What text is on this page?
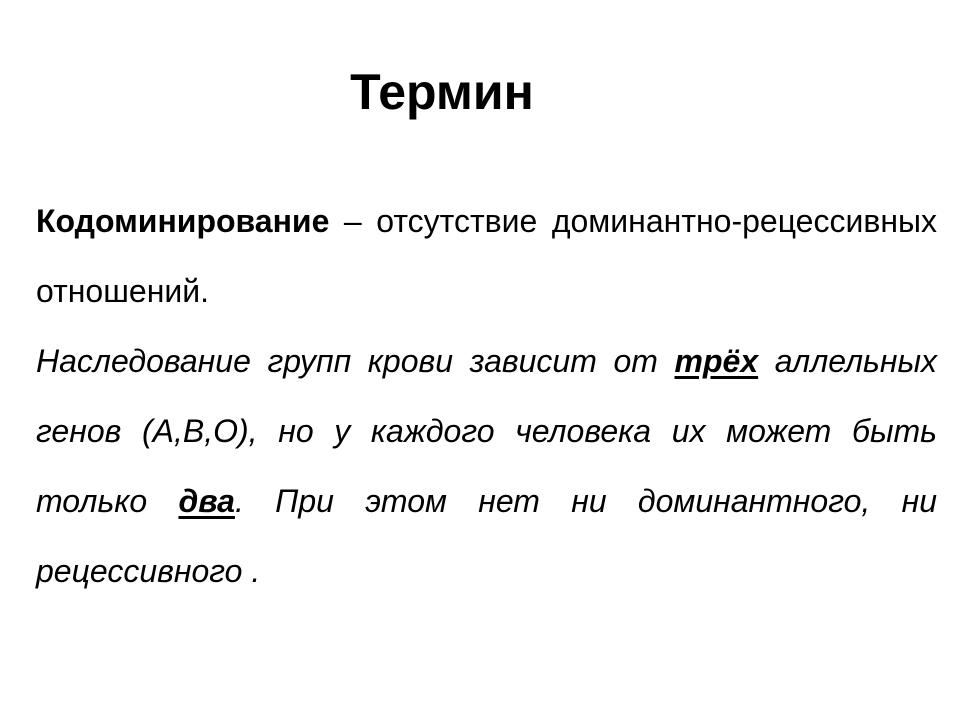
Термин

Кодоминирование – отсутствие доминантно-рецессивных отношений.

Наследование групп крови зависит от трёх аллельных генов (А,В,О), но у каждого человека их может быть только два. При этом нет ни доминантного, ни рецессивного .
